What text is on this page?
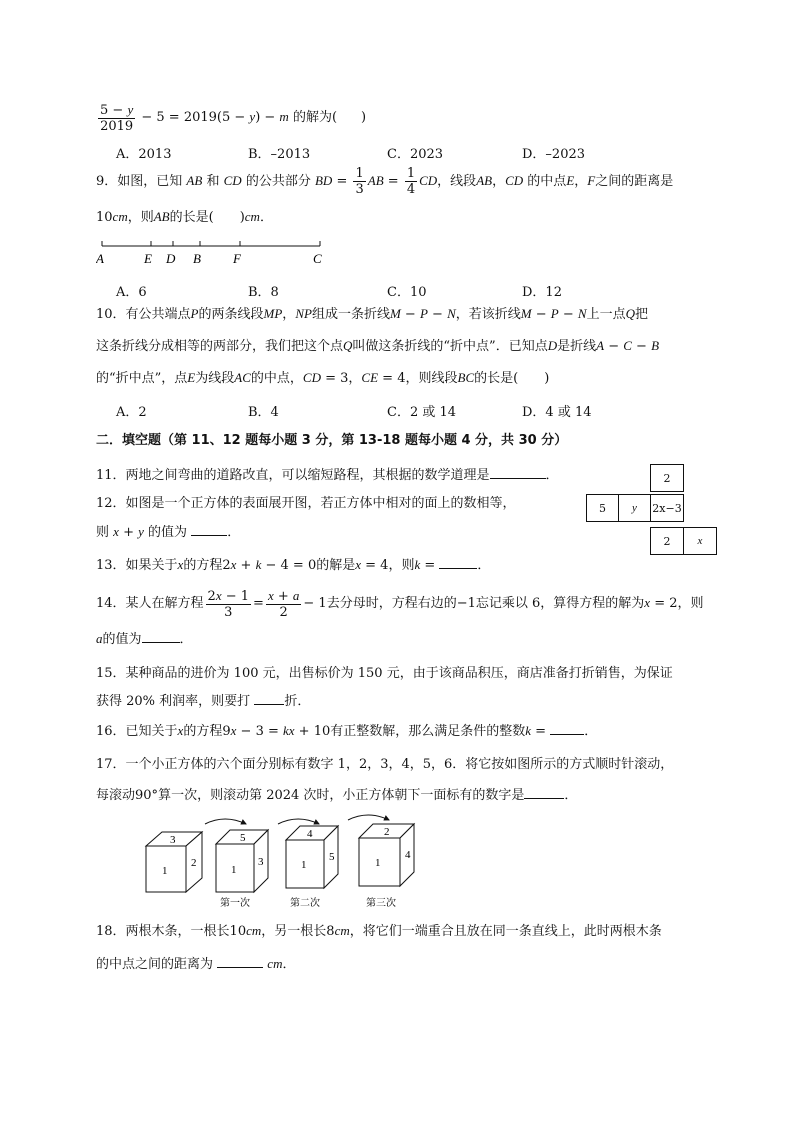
$\frac{5 - y}{2019} - 5 = 2019(5 - y) - m$ 的解为( )
A．2013	B．–2013	C．2023	D．–2023
9．如图，已知 AB 和 CD 的公共部分 BD = $\frac{1}{3}$ AB = $\frac{1}{4}$ CD，线段AB，CD 的中点E，F之间的距离是
10cm，则AB的长是( )cm．
A	E D B F	C
A．6	B．8	C．10	D．12
10．有公共端点P的两条线段MP，NP组成一条折线M − P − N，若该折线M − P − N上一点Q把
这条折线分成相等的两部分，我们把这个点Q叫做这条折线的“折中点”．已知点D是折线A − C − B
的“折中点”，点E为线段AC的中点，CD = 3，CE = 4，则线段BC的长是( )
A．2	B．4	C．2 或 14	D．4 或 14
二．填空题（第 11、12 题每小题 3 分，第 13-18 题每小题 4 分，共 30 分）
11．两地之间弯曲的道路改直，可以缩短路程，其根据的数学道理是	．
12．如图是一个正方体的表面展开图，若正方体中相对的面上的数相等，
则 x + y 的值为	．
2
5	y	2x−3
2	x
13．如果关于x的方程2x + k − 4 = 0的解是x = 4，则k =	．
14．某人在解方程 $\frac{2x - 1}{3} = \frac{x + a}{2} - 1$去分母时，方程右边的−1忘记乘以 6，算得方程的解为x = 2，则
a的值为	．
15．某种商品的进价为 100 元，出售标价为 150 元，由于该商品积压，商店准备打折销售，为保证
获得 20% 利润率，则要打	折．
16．已知关于x的方程9x − 3 = kx + 10有正整数解，那么满足条件的整数k =	．
17．一个小正方体的六个面分别标有数字 1，2，3，4，5，6．将它按如图所示的方式顺时针滚动，
每滚动90°算一次，则滚动第 2024 次时，小正方体朝下一面标有的数字是	．
3
1
2
5
1
3
4
1
5
2
1
4
第一次	第二次	第三次
18．两根木条，一根长10cm，另一根长8cm，将它们一端重合且放在同一条直线上，此时两根木条
的中点之间的距离为	cm．
